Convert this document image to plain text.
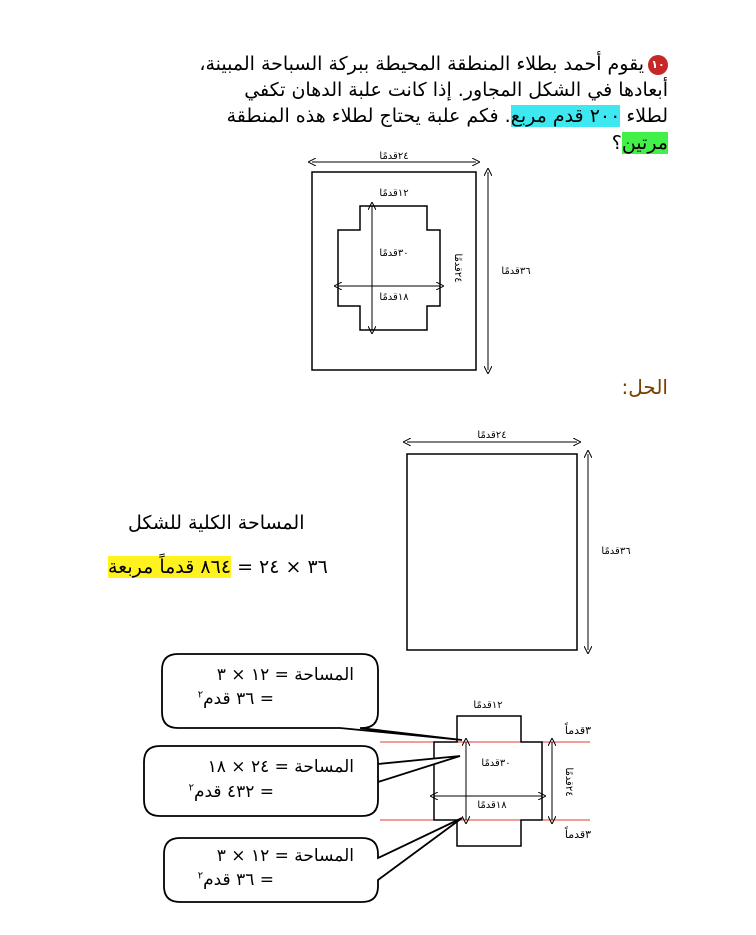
١٠يقوم أحمد بطلاء المنطقة المحيطة ببركة السباحة المبينة،
أبعادها في الشكل المجاور. إذا كانت علبة الدهان تكفي
لطلاء ٢٠٠ قدم مربع. فكم علبة يحتاج لطلاء هذه المنطقة
مرتين؟
٢٤قدمًا
٣٦قدمًا
١٢قدمًا
٣٠قدمًا
١٨قدمًا
٢٤قدمًا
الحل:
٢٤قدمًا
٣٦قدمًا
المساحة الكلية للشكل
٣٦ × ٢٤ = ٨٦٤ قدماً مربعة
١٢قدمًا
٣قدماً
٣٠قدمًا
١٨قدمًا
٢٤قدمًا
٣قدماً
المساحة = ١٢ × ٣
= ٣٦ قدم$^٢$
المساحة = ٢٤ × ١٨
= ٤٣٢ قدم$^٢$
المساحة = ١٢ × ٣
= ٣٦ قدم$^٢$
